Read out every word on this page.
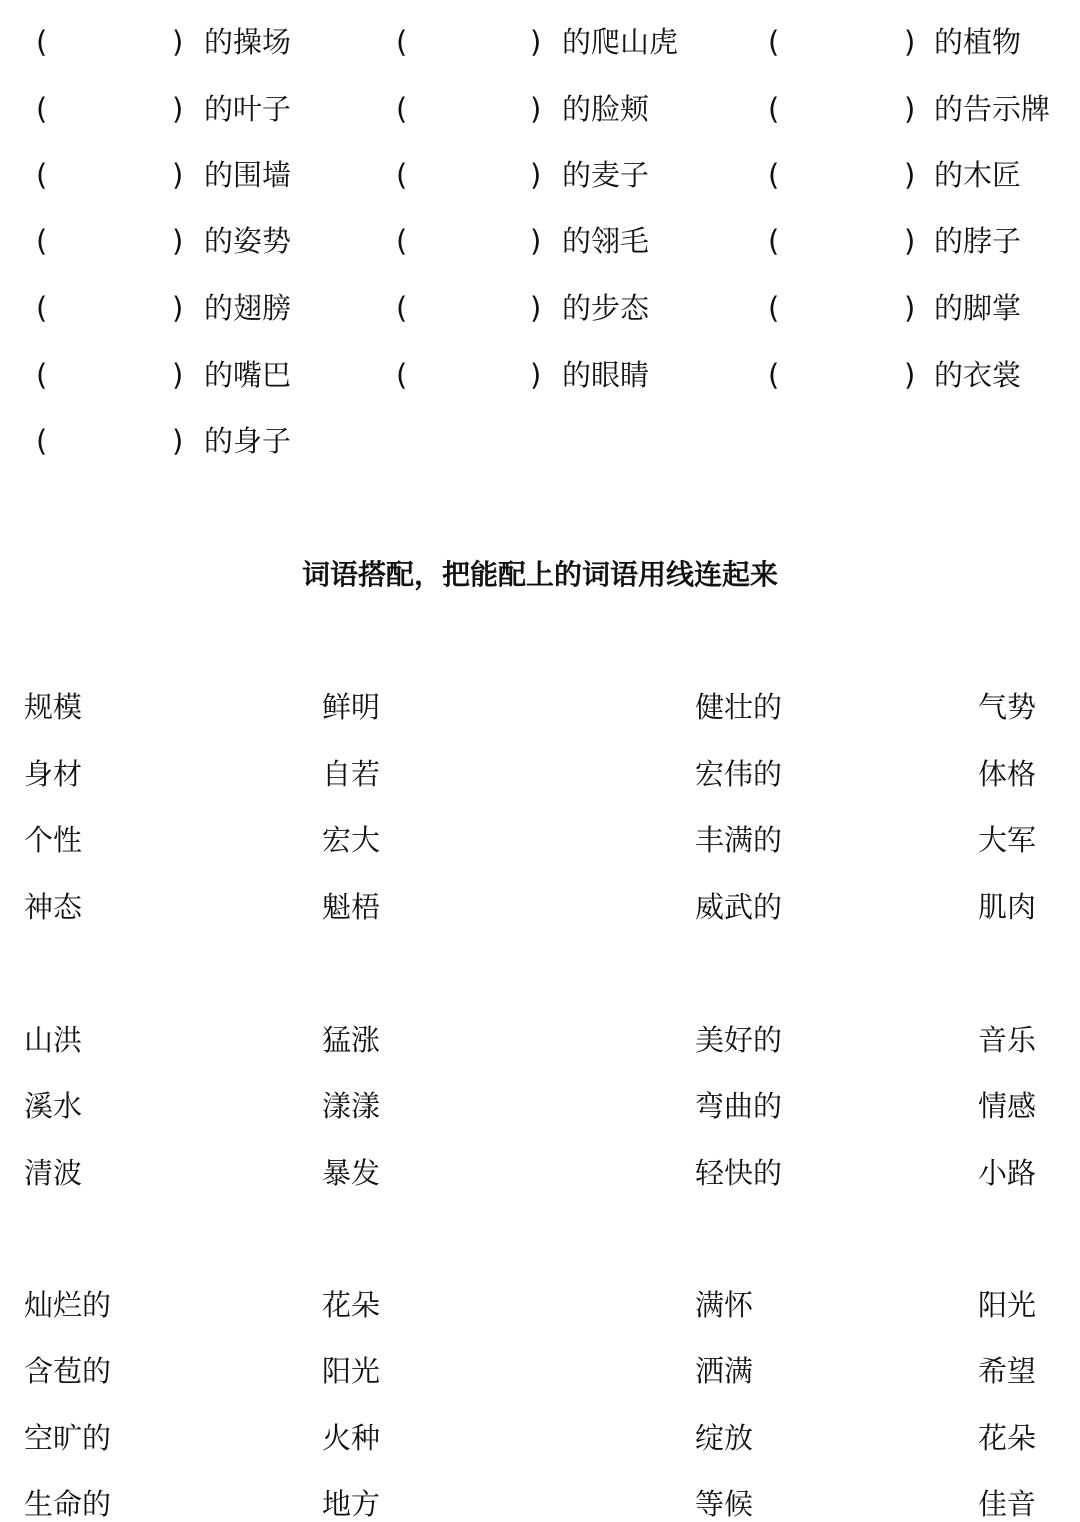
(	) 的操场	(	) 的爬山虎	(	) 的植物
(	) 的叶子	(	) 的脸颊	(	) 的告示牌
(	) 的围墙	(	) 的麦子	(	) 的木匠
(	) 的姿势	(	) 的翎毛	(	) 的脖子
(	) 的翅膀	(	) 的步态	(	) 的脚掌
(	) 的嘴巴	(	) 的眼睛	(	) 的衣裳
(	) 的身子
词语搭配，把能配上的词语用线连起来
规模	鲜明	健壮的	气势
身材	自若	宏伟的	体格
个性	宏大	丰满的	大军
神态	魁梧	威武的	肌肉
山洪	猛涨	美好的	音乐
溪水	漾漾	弯曲的	情感
清波	暴发	轻快的	小路
灿烂的	花朵	满怀	阳光
含苞的	阳光	洒满	希望
空旷的	火种	绽放	花朵
生命的	地方	等候	佳音
